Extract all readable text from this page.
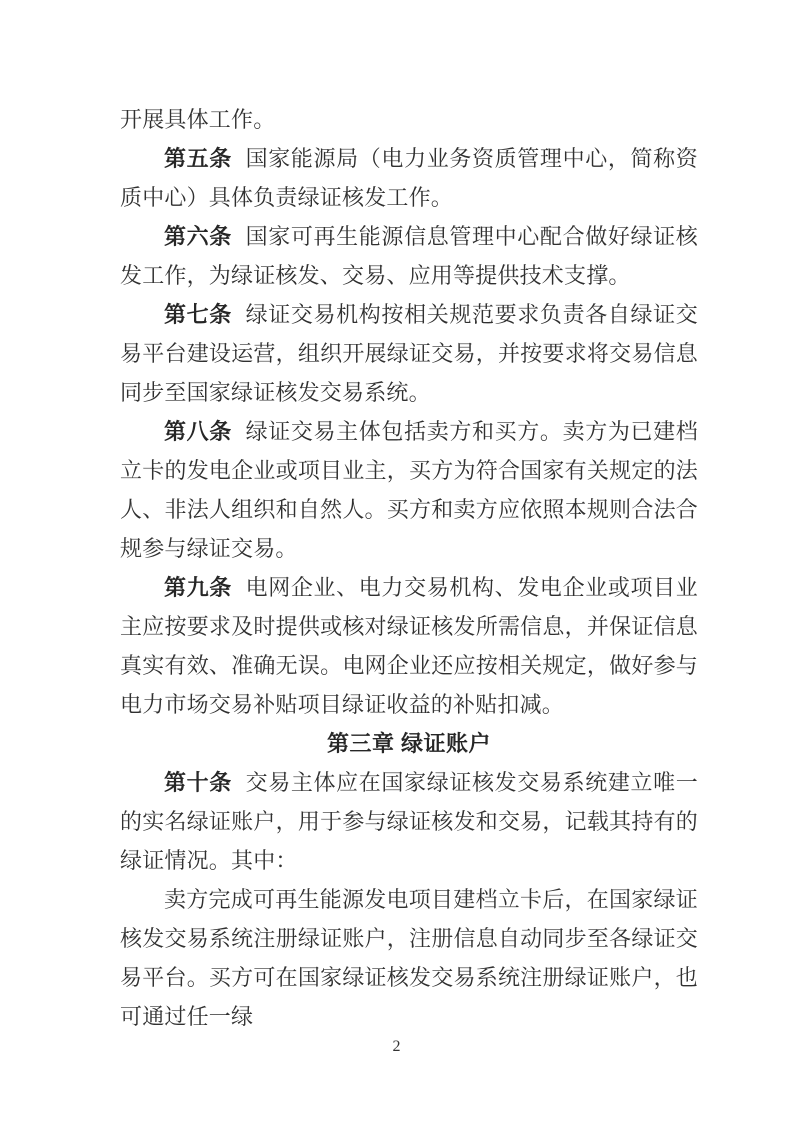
开展具体工作。

第五条 国家能源局（电力业务资质管理中心，简称资质中心）具体负责绿证核发工作。

第六条 国家可再生能源信息管理中心配合做好绿证核发工作，为绿证核发、交易、应用等提供技术支撑。

第七条 绿证交易机构按相关规范要求负责各自绿证交易平台建设运营，组织开展绿证交易，并按要求将交易信息同步至国家绿证核发交易系统。

第八条 绿证交易主体包括卖方和买方。卖方为已建档立卡的发电企业或项目业主，买方为符合国家有关规定的法人、非法人组织和自然人。买方和卖方应依照本规则合法合规参与绿证交易。

第九条 电网企业、电力交易机构、发电企业或项目业主应按要求及时提供或核对绿证核发所需信息，并保证信息真实有效、准确无误。电网企业还应按相关规定，做好参与电力市场交易补贴项目绿证收益的补贴扣减。

第三章 绿证账户

第十条 交易主体应在国家绿证核发交易系统建立唯一的实名绿证账户，用于参与绿证核发和交易，记载其持有的绿证情况。其中：

卖方完成可再生能源发电项目建档立卡后，在国家绿证核发交易系统注册绿证账户，注册信息自动同步至各绿证交易平台。买方可在国家绿证核发交易系统注册绿证账户，也可通过任一绿

2
